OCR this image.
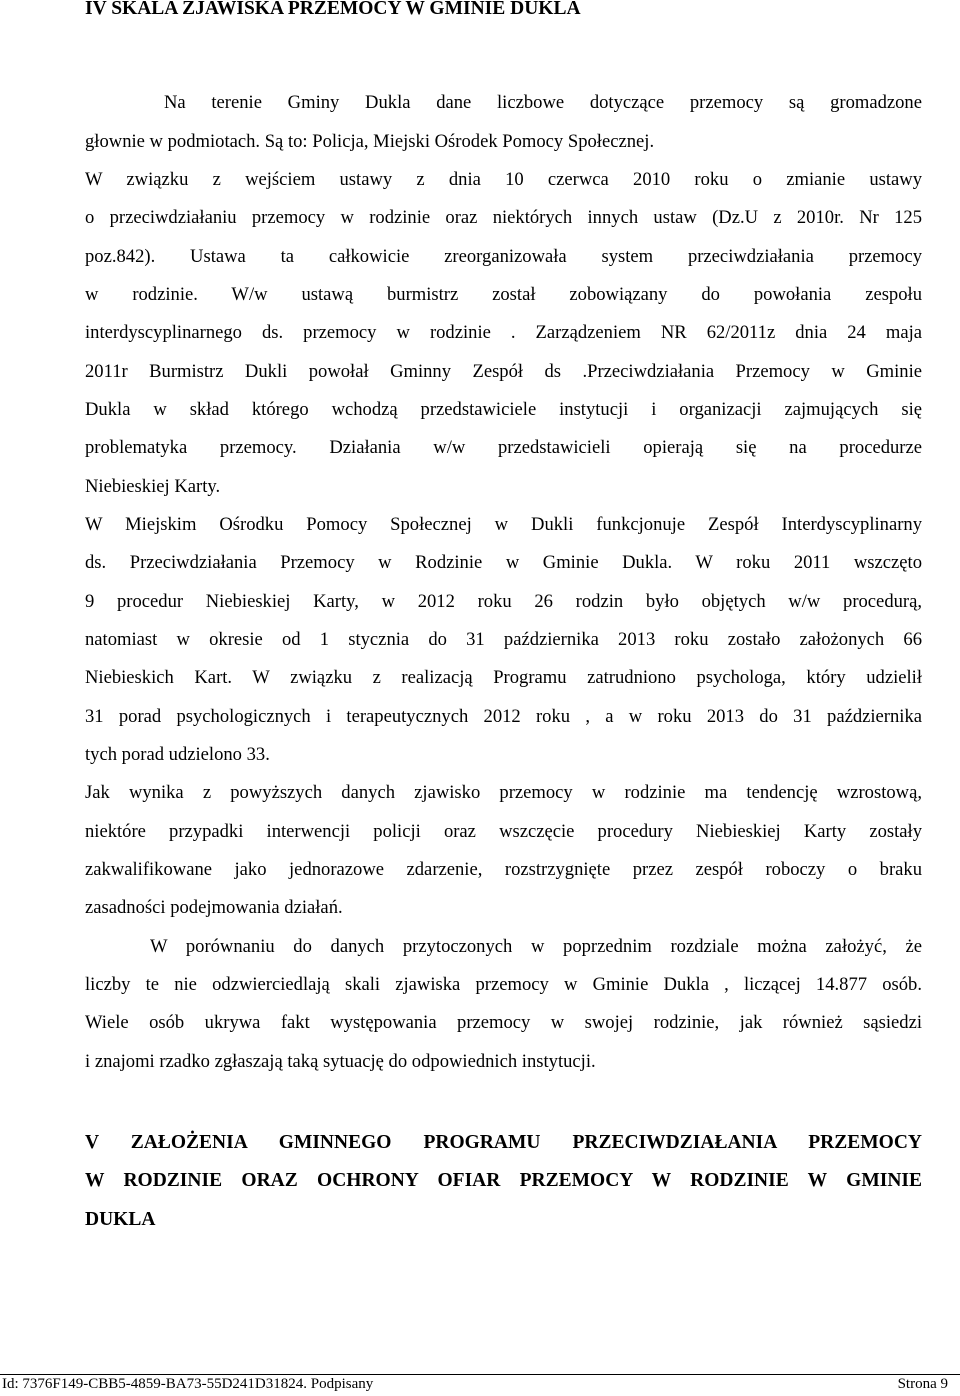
IV SKALA ZJAWISKA PRZEMOCY W GMINIE DUKLA
Na terenie Gminy Dukla dane liczbowe dotyczące przemocy są gromadzone
głownie w podmiotach. Są to: Policja, Miejski Ośrodek Pomocy Społecznej.
W związku z wejściem ustawy z dnia 10 czerwca 2010 roku o zmianie ustawy
o przeciwdziałaniu przemocy w rodzinie oraz niektórych innych ustaw (Dz.U z 2010r. Nr 125
poz.842). Ustawa ta całkowicie zreorganizowała system przeciwdziałania przemocy
w rodzinie. W/w ustawą burmistrz został zobowiązany do powołania zespołu
interdyscyplinarnego ds. przemocy w rodzinie . Zarządzeniem NR 62/2011z dnia 24 maja
2011r Burmistrz Dukli powołał Gminny Zespół ds .Przeciwdziałania Przemocy w Gminie
Dukla w skład którego wchodzą przedstawiciele instytucji i organizacji zajmujących się
problematyka przemocy. Działania w/w przedstawicieli opierają się na procedurze
Niebieskiej Karty.
W Miejskim Ośrodku Pomocy Społecznej w Dukli funkcjonuje Zespół Interdyscyplinarny
ds. Przeciwdziałania Przemocy w Rodzinie w Gminie Dukla. W roku 2011 wszczęto
9 procedur Niebieskiej Karty, w 2012 roku 26 rodzin było objętych w/w procedurą,
natomiast w okresie od 1 stycznia do 31 października 2013 roku zostało założonych 66
Niebieskich Kart. W związku z realizacją Programu zatrudniono psychologa, który udzielił
31 porad psychologicznych i terapeutycznych 2012 roku , a w roku 2013 do 31 października
tych porad udzielono 33.
Jak wynika z powyższych danych zjawisko przemocy w rodzinie ma tendencję wzrostową,
niektóre przypadki interwencji policji oraz wszczęcie procedury Niebieskiej Karty zostały
zakwalifikowane jako jednorazowe zdarzenie, rozstrzygnięte przez zespół roboczy o braku
zasadności podejmowania działań.
W porównaniu do danych przytoczonych w poprzednim rozdziale można założyć, że
liczby te nie odzwierciedlają skali zjawiska przemocy w Gminie Dukla , liczącej 14.877 osób.
Wiele osób ukrywa fakt występowania przemocy w swojej rodzinie, jak również sąsiedzi
i znajomi rzadko zgłaszają taką sytuację do odpowiednich instytucji.
V ZAŁOŻENIA GMINNEGO PROGRAMU PRZECIWDZIAŁANIA PRZEMOCY
W RODZINIE ORAZ OCHRONY OFIAR PRZEMOCY W RODZINIE W GMINIE
DUKLA
Id: 7376F149-CBB5-4859-BA73-55D241D31824. Podpisany	Strona 9
